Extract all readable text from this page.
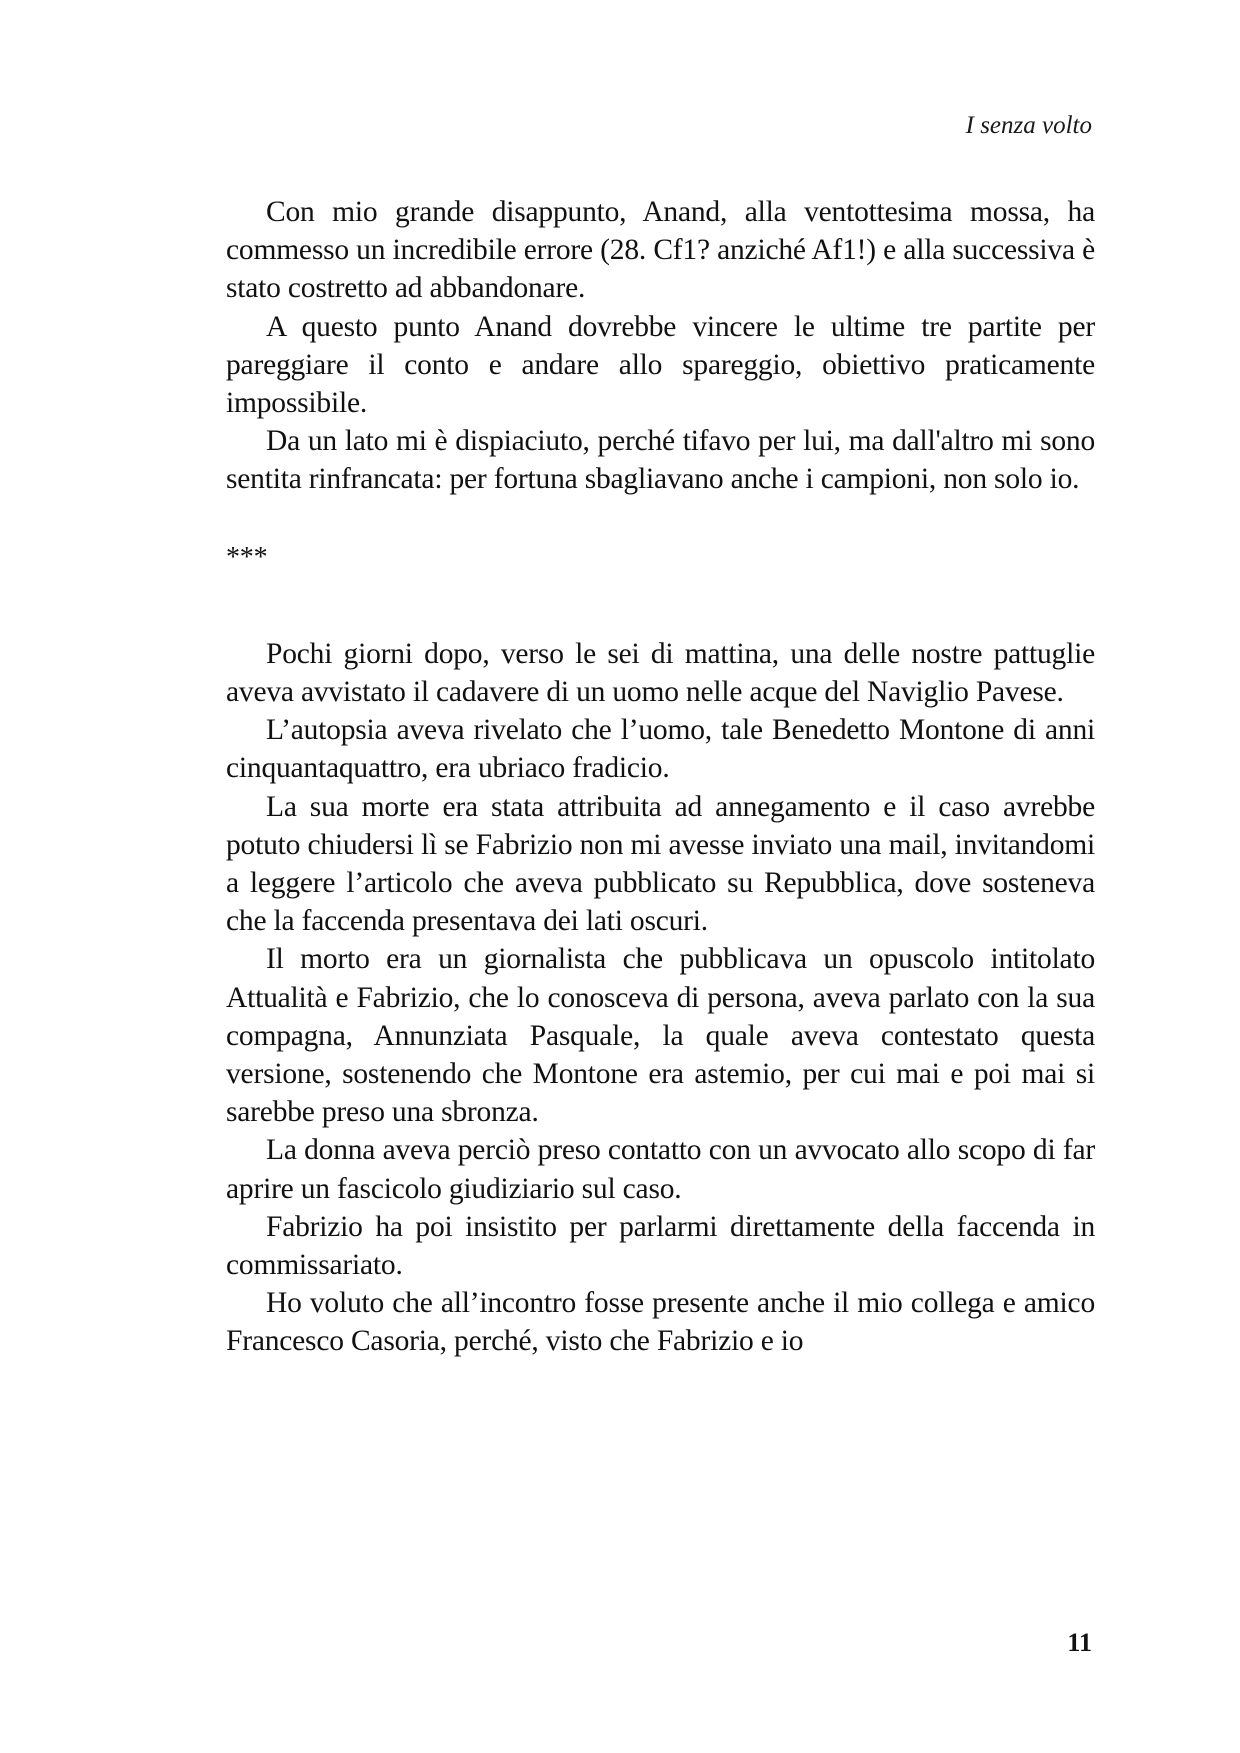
I senza volto

Con mio grande disappunto, Anand, alla ventottesima mossa, ha commesso un incredibile errore (28. Cf1? anziché Af1!) e alla successiva è stato costretto ad abbandonare.

A questo punto Anand dovrebbe vincere le ultime tre partite per pareggiare il conto e andare allo spareggio, obiettivo praticamente impossibile.

Da un lato mi è dispiaciuto, perché tifavo per lui, ma dall'altro mi sono sentita rinfrancata: per fortuna sbagliavano anche i campioni, non solo io.

***

Pochi giorni dopo, verso le sei di mattina, una delle nostre pattuglie aveva avvistato il cadavere di un uomo nelle acque del Naviglio Pavese.

L’autopsia aveva rivelato che l’uomo, tale Benedetto Montone di anni cinquantaquattro, era ubriaco fradicio.

La sua morte era stata attribuita ad annegamento e il caso avrebbe potuto chiudersi lì se Fabrizio non mi avesse inviato una mail, invitandomi a leggere l’articolo che aveva pubblicato su Repubblica, dove sosteneva che la faccenda presentava dei lati oscuri.

Il morto era un giornalista che pubblicava un opuscolo intitolato Attualità e Fabrizio, che lo conosceva di persona, aveva parlato con la sua compagna, Annunziata Pasquale, la quale aveva contestato questa versione, sostenendo che Montone era astemio, per cui mai e poi mai si sarebbe preso una sbronza.

La donna aveva perciò preso contatto con un avvocato allo scopo di far aprire un fascicolo giudiziario sul caso.

Fabrizio ha poi insistito per parlarmi direttamente della faccenda in commissariato.

Ho voluto che all’incontro fosse presente anche il mio collega e amico Francesco Casoria, perché, visto che Fabrizio e io

11
